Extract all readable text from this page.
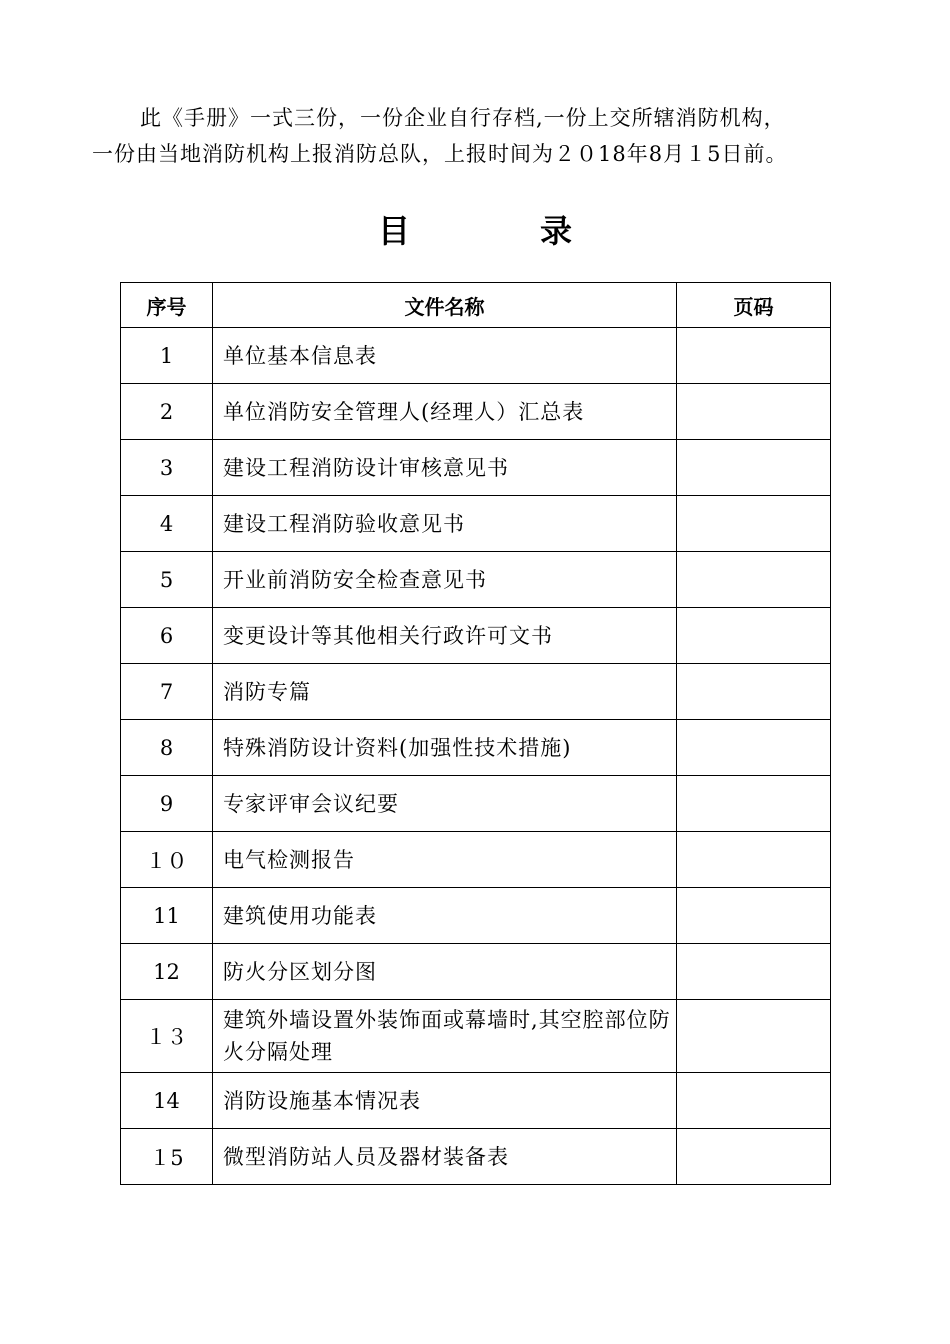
此《手册》一式三份，一份企业自行存档,一份上交所辖消防机构，

一份由当地消防机构上报消防总队，上报时间为２０18年8月１5日前。

目	录
序号	文件名称	页码
1	单位基本信息表	
2	单位消防安全管理人(经理人）汇总表	
3	建设工程消防设计审核意见书	
4	建设工程消防验收意见书	
5	开业前消防安全检查意见书	
6	变更设计等其他相关行政许可文书	
7	消防专篇	
8	特殊消防设计资料(加强性技术措施)	
9	专家评审会议纪要	
１０	电气检测报告	
11	建筑使用功能表	
12	防火分区划分图	
１３	建筑外墙设置外装饰面或幕墙时,其空腔部位防火分隔处理	
14	消防设施基本情况表	
１5	微型消防站人员及器材装备表	
